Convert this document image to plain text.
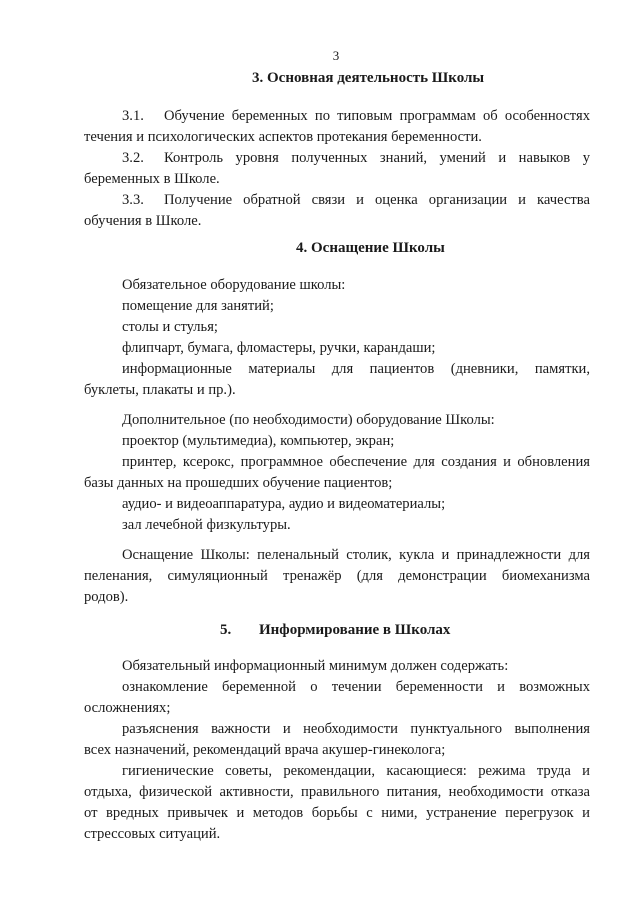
3
3. Основная деятельность Школы
3.1. Обучение беременных по типовым программам об особенностях
течения и психологических аспектов протекания беременности.
3.2. Контроль уровня полученных знаний, умений и навыков у
беременных в Школе.
3.3. Получение обратной связи и оценка организации и качества
обучения в Школе.
4. Оснащение Школы
Обязательное оборудование школы:
помещение для занятий;
столы и стулья;
флипчарт, бумага, фломастеры, ручки, карандаши;
информационные материалы для пациентов (дневники, памятки,
буклеты, плакаты и пр.).
Дополнительное (по необходимости) оборудование Школы:
проектор (мультимедиа), компьютер, экран;
принтер, ксерокс, программное обеспечение для создания и обновления
базы данных на прошедших обучение пациентов;
аудио- и видеоаппаратура, аудио и видеоматериалы;
зал лечебной физкультуры.
Оснащение Школы: пеленальный столик, кукла и принадлежности для
пеленания, симуляционный тренажёр (для демонстрации биомеханизма
родов).
5. Информирование в Школах
Обязательный информационный минимум должен содержать:
ознакомление беременной о течении беременности и возможных
осложнениях;
разъяснения важности и необходимости пунктуального выполнения
всех назначений, рекомендаций врача акушер-гинеколога;
гигиенические советы, рекомендации, касающиеся: режима труда и
отдыха, физической активности, правильного питания, необходимости отказа
от вредных привычек и методов борьбы с ними, устранение перегрузок и
стрессовых ситуаций.
